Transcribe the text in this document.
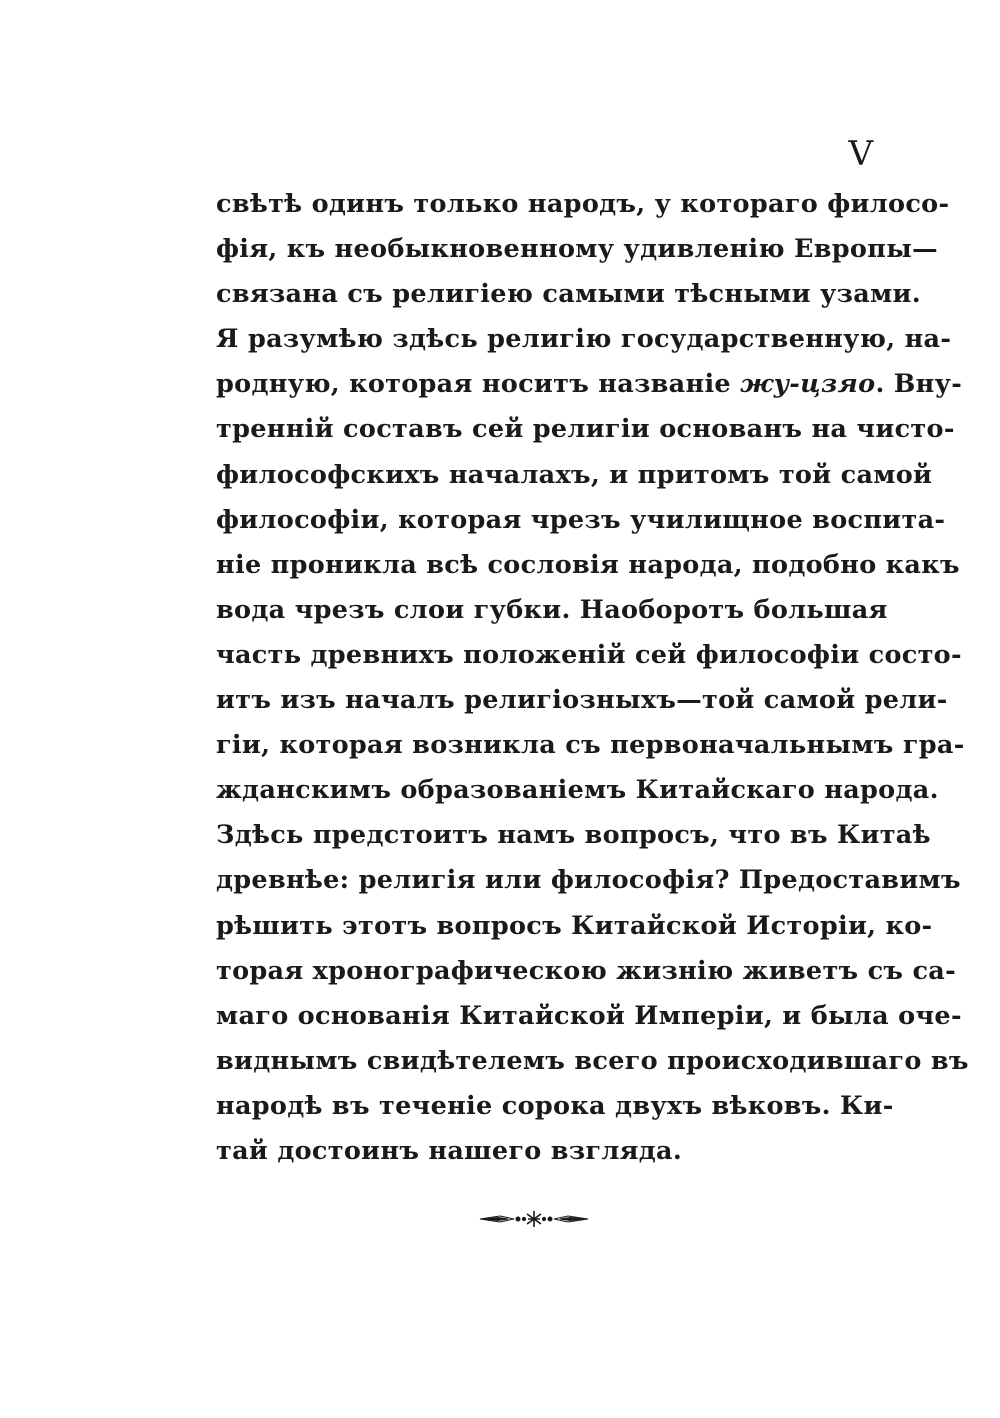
V
свѣтѣ одинъ только народъ, у котораго филосо-
фія, къ необыкновенному удивленію Европы—
связана съ религіею самыми тѣсными узами.
Я разумѣю здѣсь религію государственную, на-
родную, которая носитъ названіе жу-цзяо. Вну-
тренній составъ сей религіи основанъ на чисто-
философскихъ началахъ, и притомъ той самой
философіи, которая чрезъ училищное воспита-
ніе проникла всѣ сословія народа, подобно какъ
вода чрезъ слои губки. Наоборотъ большая
часть древнихъ положеній сей философіи состо-
итъ изъ началъ религіозныхъ—той самой рели-
гіи, которая возникла съ первоначальнымъ гра-
жданскимъ образованіемъ Китайскаго народа.
Здѣсь предстоитъ намъ вопросъ, что въ Китаѣ
древнѣе: религія или философія? Предоставимъ
рѣшить этотъ вопросъ Китайской Исторіи, ко-
торая хронографическою жизнію живетъ съ са-
маго основанія Китайской Имперіи, и была оче-
виднымъ свидѣтелемъ всего происходившаго въ
народѣ въ теченіе сорока двухъ вѣковъ. Ки-
тай достоинъ нашего взгляда.
